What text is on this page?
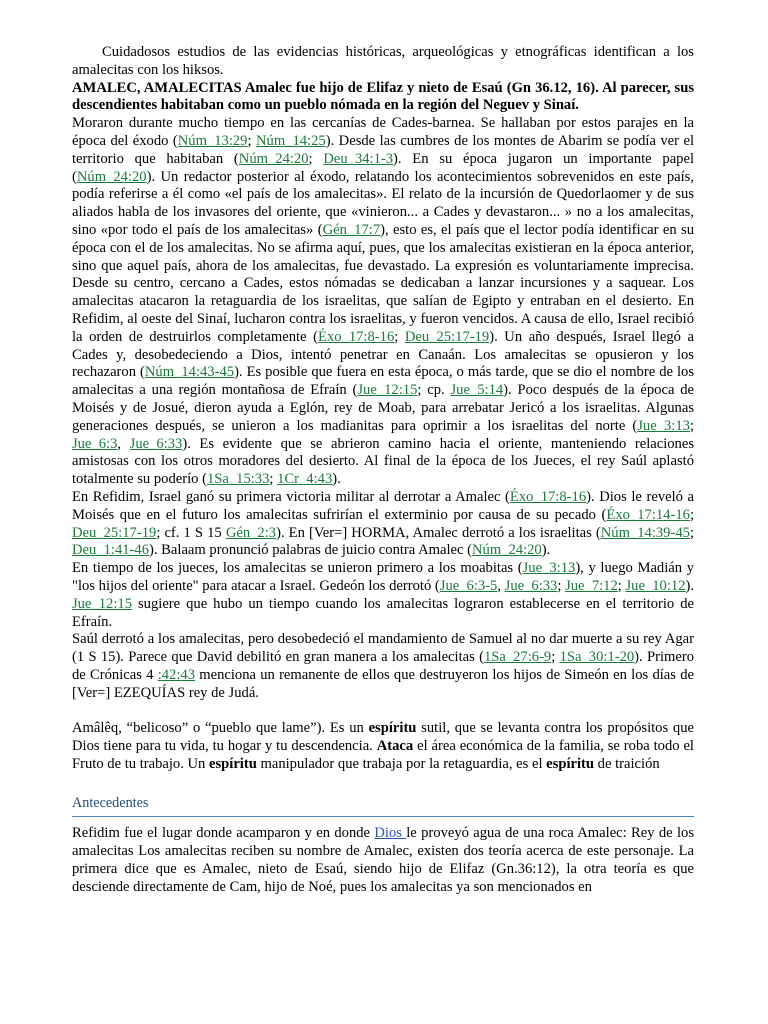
Cuidadosos estudios de las evidencias históricas, arqueológicas y etnográficas identifican a los amalecitas con los hiksos.

AMALEC, AMALECITAS Amalec fue hijo de Elifaz y nieto de Esaú (Gn 36.12, 16). Al parecer, sus descendientes habitaban como un pueblo nómada en la región del Neguev y Sinaí.

Moraron durante mucho tiempo en las cercanías de Cades-barnea. Se hallaban por estos parajes en la época del éxodo (Núm_13:29; Núm_14:25). Desde las cumbres de los montes de Abarim se podía ver el territorio que habitaban (Núm_24:20; Deu_34:1-3). En su época jugaron un importante papel (Núm_24:20). Un redactor posterior al éxodo, relatando los acontecimientos sobrevenidos en este país, podía referirse a él como «el país de los amalecitas». El relato de la incursión de Quedorlaomer y de sus aliados habla de los invasores del oriente, que «vinieron... a Cades y devastaron... » no a los amalecitas, sino «por todo el país de los amalecitas» (Gén_17:7), esto es, el país que el lector podía identificar en su época con el de los amalecitas. No se afirma aquí, pues, que los amalecitas existieran en la época anterior, sino que aquel país, ahora de los amalecitas, fue devastado. La expresión es voluntariamente imprecisa. Desde su centro, cercano a Cades, estos nómadas se dedicaban a lanzar incursiones y a saquear. Los amalecitas atacaron la retaguardia de los israelitas, que salían de Egipto y entraban en el desierto. En Refidim, al oeste del Sinaí, lucharon contra los israelitas, y fueron vencidos. A causa de ello, Israel recibió la orden de destruirlos completamente (Éxo_17:8-16; Deu_25:17-19). Un año después, Israel llegó a Cades y, desobedeciendo a Dios, intentó penetrar en Canaán. Los amalecitas se opusieron y los rechazaron (Núm_14:43-45). Es posible que fuera en esta época, o más tarde, que se dio el nombre de los amalecitas a una región montañosa de Efraín (Jue_12:15; cp. Jue_5:14). Poco después de la época de Moisés y de Josué, dieron ayuda a Eglón, rey de Moab, para arrebatar Jericó a los israelitas. Algunas generaciones después, se unieron a los madianitas para oprimir a los israelitas del norte (Jue_3:13; Jue_6:3, Jue_6:33). Es evidente que se abrieron camino hacia el oriente, manteniendo relaciones amistosas con los otros moradores del desierto. Al final de la época de los Jueces, el rey Saúl aplastó totalmente su poderío (1Sa_15:33; 1Cr_4:43).

En Refidim, Israel ganó su primera victoria militar al derrotar a Amalec (Éxo_17:8-16). Dios le reveló a Moisés que en el futuro los amalecitas sufrirían el exterminio por causa de su pecado (Éxo_17:14-16; Deu_25:17-19; cf. 1 S 15 Gén_2:3). En [Ver=] HORMA, Amalec derrotó a los israelitas (Núm_14:39-45; Deu_1:41-46). Balaam pronunció palabras de juicio contra Amalec (Núm_24:20).

En tiempo de los jueces, los amalecitas se unieron primero a los moabitas (Jue_3:13), y luego Madián y "los hijos del oriente" para atacar a Israel. Gedeón los derrotó (Jue_6:3-5, Jue_6:33; Jue_7:12; Jue_10:12). Jue_12:15 sugiere que hubo un tiempo cuando los amalecitas lograron establecerse en el territorio de Efraín.

Saúl derrotó a los amalecitas, pero desobedeció el mandamiento de Samuel al no dar muerte a su rey Agar (1 S 15). Parece que David debilitó en gran manera a los amalecitas (1Sa_27:6-9; 1Sa_30:1-20). Primero de Crónicas 4 :42:43 menciona un remanente de ellos que destruyeron los hijos de Simeón en los días de [Ver=] EZEQUÍAS rey de Judá.

Amâlêq, “belicoso” o “pueblo que lame”). Es un espíritu sutil, que se levanta contra los propósitos que Dios tiene para tu vida, tu hogar y tu descendencia. Ataca el área económica de la familia, se roba todo el Fruto de tu trabajo. Un espíritu manipulador que trabaja por la retaguardia, es el espíritu de traición

Antecedentes

Refidim fue el lugar donde acamparon y en donde Dios le proveyó agua de una roca Amalec: Rey de los amalecitas Los amalecitas reciben su nombre de Amalec, existen dos teoría acerca de este personaje. La primera dice que es Amalec, nieto de Esaú, siendo hijo de Elifaz (Gn.36:12), la otra teoría es que desciende directamente de Cam, hijo de Noé, pues los amalecitas ya son mencionados en
